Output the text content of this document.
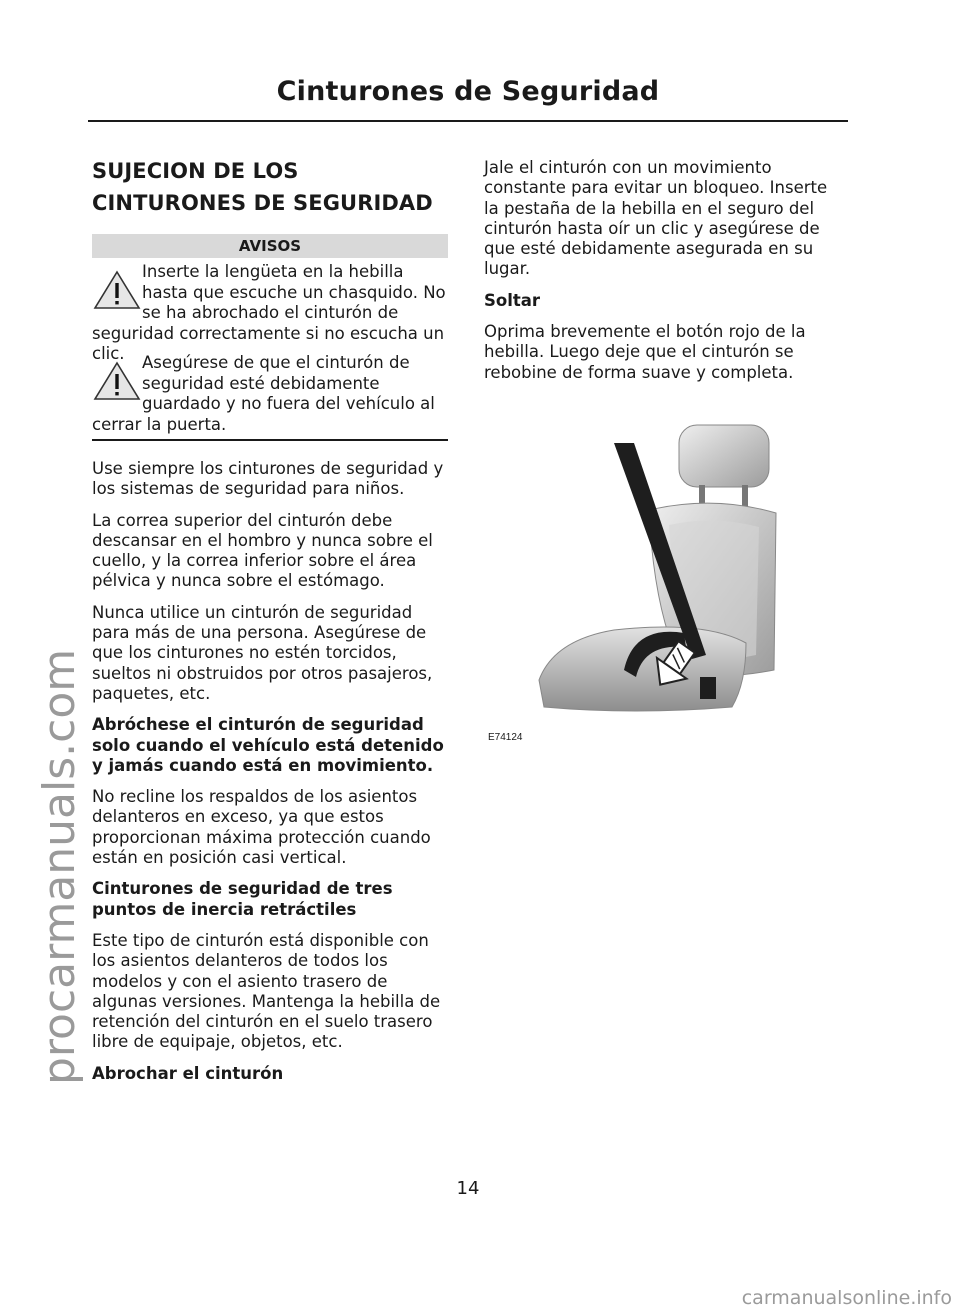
Cinturones de Seguridad
procarmanuals.com
SUJECION DE LOS
CINTURONES DE SEGURIDAD
AVISOS

Inserte la lengüeta en la hebilla hasta que escuche un chasquido. No se ha abrochado el cinturón de seguridad correctamente si no escucha un clic.	Asegúrese de que el cinturón de seguridad esté debidamente guardado y no fuera del vehículo al cerrar la puerta.

Use siempre los cinturones de seguridad y los sistemas de seguridad para niños.

La correa superior del cinturón debe descansar en el hombro y nunca sobre el cuello, y la correa inferior sobre el área pélvica y nunca sobre el estómago.

Nunca utilice un cinturón de seguridad para más de una persona. Asegúrese de que los cinturones no estén torcidos, sueltos ni obstruidos por otros pasajeros, paquetes, etc.

Abróchese el cinturón de seguridad solo cuando el vehículo está detenido y jamás cuando está en movimiento.

No recline los respaldos de los asientos delanteros en exceso, ya que estos proporcionan máxima protección cuando están en posición casi vertical.

Cinturones de seguridad de tres puntos de inercia retráctiles

Este tipo de cinturón está disponible con los asientos delanteros de todos los modelos y con el asiento trasero de algunas versiones. Mantenga la hebilla de retención del cinturón en el suelo trasero libre de equipaje, objetos, etc.

Abrochar el cinturón

Jale el cinturón con un movimiento constante para evitar un bloqueo. Inserte la pestaña de la hebilla en el seguro del cinturón hasta oír un clic y asegúrese de que esté debidamente asegurada en su lugar.

Soltar

Oprima brevemente el botón rojo de la hebilla. Luego deje que el cinturón se rebobine de forma suave y completa.

E74124
14
carmanualsonline.info
